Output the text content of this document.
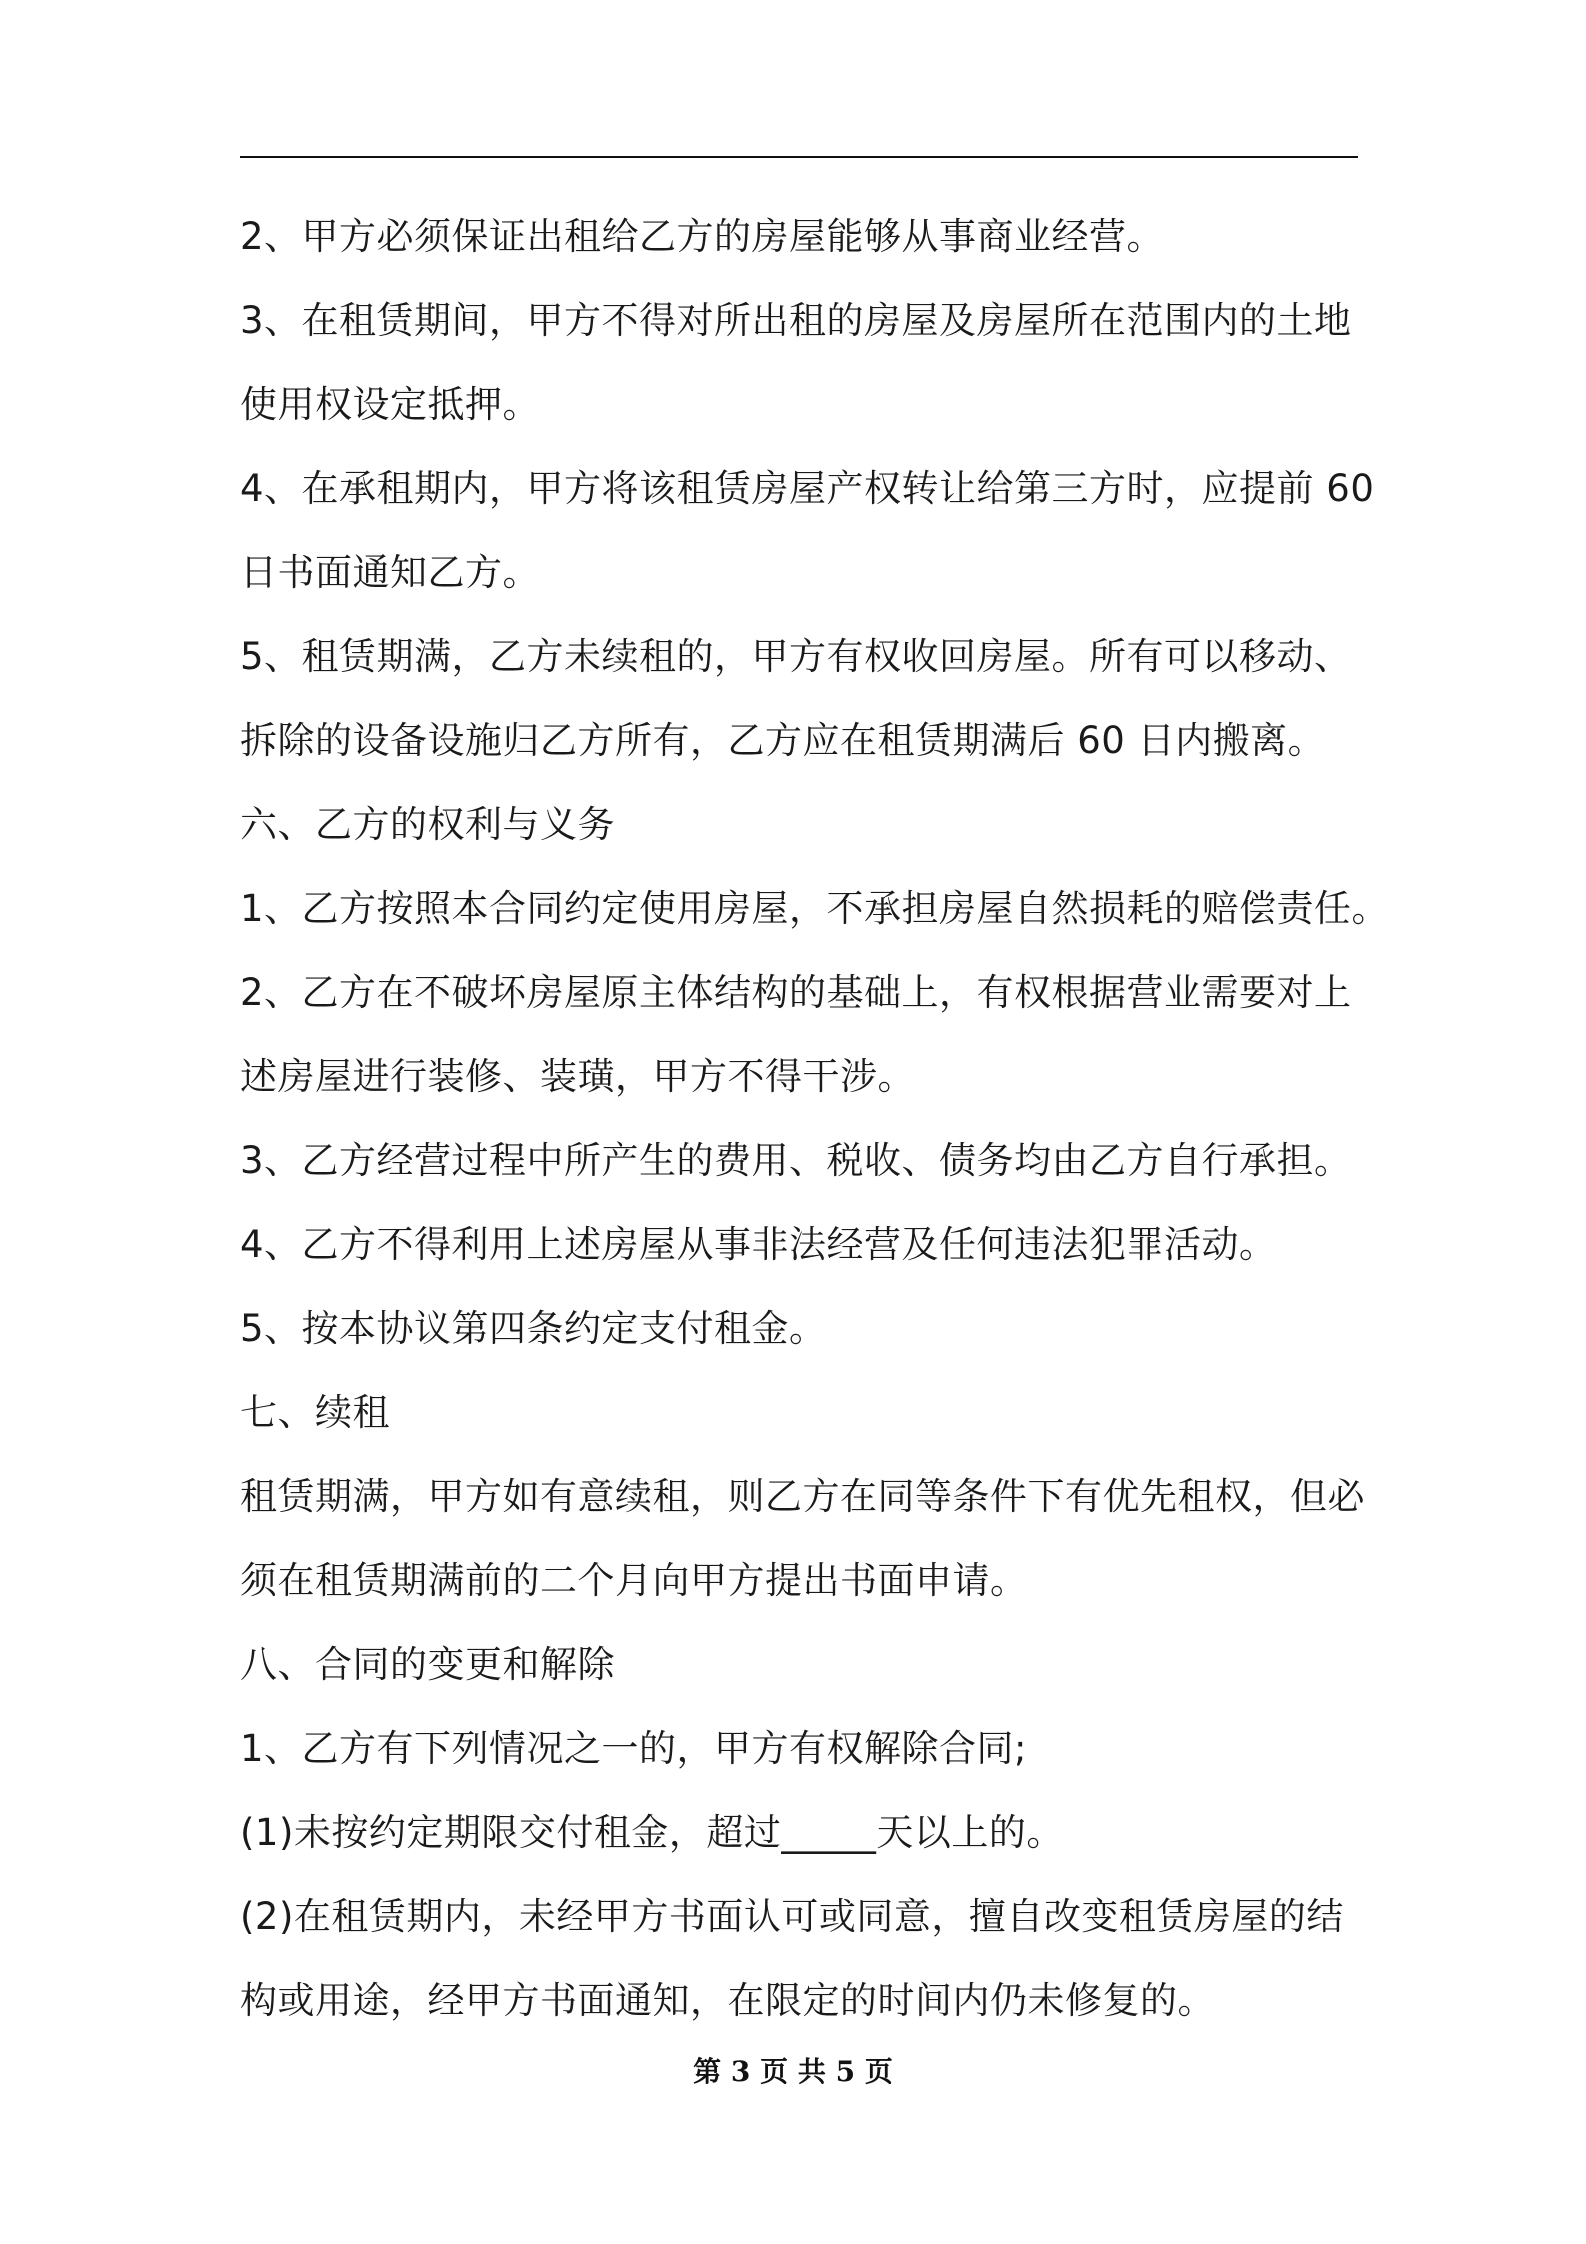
2、甲方必须保证出租给乙方的房屋能够从事商业经营。
3、在租赁期间，甲方不得对所出租的房屋及房屋所在范围内的土地
使用权设定抵押。
4、在承租期内，甲方将该租赁房屋产权转让给第三方时，应提前 60
日书面通知乙方。
5、租赁期满，乙方未续租的，甲方有权收回房屋。所有可以移动、
拆除的设备设施归乙方所有，乙方应在租赁期满后 60 日内搬离。
六、乙方的权利与义务
1、乙方按照本合同约定使用房屋，不承担房屋自然损耗的赔偿责任。
2、乙方在不破坏房屋原主体结构的基础上，有权根据营业需要对上
述房屋进行装修、装璜，甲方不得干涉。
3、乙方经营过程中所产生的费用、税收、债务均由乙方自行承担。
4、乙方不得利用上述房屋从事非法经营及任何违法犯罪活动。
5、按本协议第四条约定支付租金。
七、续租
租赁期满，甲方如有意续租，则乙方在同等条件下有优先租权，但必
须在租赁期满前的二个月向甲方提出书面申请。
八、合同的变更和解除
1、乙方有下列情况之一的，甲方有权解除合同;
(1)未按约定期限交付租金，超过_____天以上的。
(2)在租赁期内，未经甲方书面认可或同意，擅自改变租赁房屋的结
构或用途，经甲方书面通知，在限定的时间内仍未修复的。
第 3 页 共 5 页
